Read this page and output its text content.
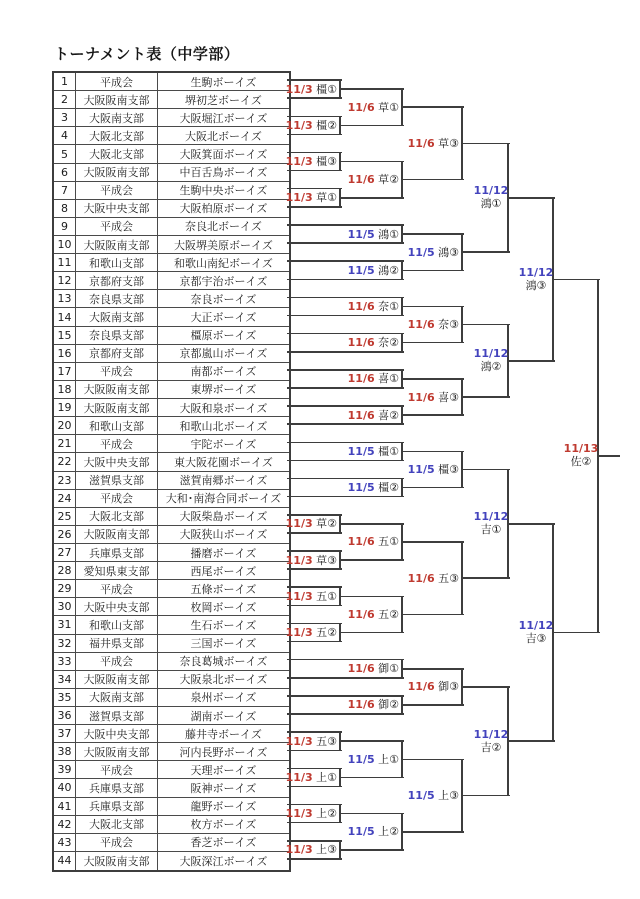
トーナメント表（中学部）
1	平成会	生駒ボーイズ
2	大阪阪南支部	堺初芝ボーイズ
3	大阪南支部	大阪堀江ボーイズ
4	大阪北支部	大阪北ボーイズ
5	大阪北支部	大阪箕面ボーイズ
6	大阪阪南支部	中百舌鳥ボーイズ
7	平成会	生駒中央ボーイズ
8	大阪中央支部	大阪柏原ボーイズ
9	平成会	奈良北ボーイズ
10	大阪阪南支部	大阪堺美原ボーイズ
11	和歌山支部	和歌山南紀ボーイズ
12	京都府支部	京都宇治ボーイズ
13	奈良県支部	奈良ボーイズ
14	大阪南支部	大正ボーイズ
15	奈良県支部	橿原ボーイズ
16	京都府支部	京都嵐山ボーイズ
17	平成会	南都ボーイズ
18	大阪阪南支部	東堺ボーイズ
19	大阪阪南支部	大阪和泉ボーイズ
20	和歌山支部	和歌山北ボーイズ
21	平成会	宇陀ボーイズ
22	大阪中央支部	東大阪花園ボーイズ
23	滋賀県支部	滋賀南郷ボーイズ
24	平成会	大和･南海合同ボーイズ
25	大阪北支部	大阪柴島ボーイズ
26	大阪阪南支部	大阪狭山ボーイズ
27	兵庫県支部	播磨ボーイズ
28	愛知県東支部	西尾ボーイズ
29	平成会	五條ボーイズ
30	大阪中央支部	枚岡ボーイズ
31	和歌山支部	生石ボーイズ
32	福井県支部	三国ボーイズ
33	平成会	奈良葛城ボーイズ
34	大阪阪南支部	大阪泉北ボーイズ
35	大阪南支部	泉州ボーイズ
36	滋賀県支部	湖南ボーイズ
37	大阪中央支部	藤井寺ボーイズ
38	大阪阪南支部	河内長野ボーイズ
39	平成会	天理ボーイズ
40	兵庫県支部	阪神ボーイズ
41	兵庫県支部	龍野ボーイズ
42	大阪北支部	枚方ボーイズ
43	平成会	香芝ボーイズ
44	大阪阪南支部	大阪深江ボーイズ
11/3 橿①
11/3 橿②
11/3 橿③
11/3 草①
11/3 草②
11/3 草③
11/3 五①
11/3 五②
11/3 五③
11/3 上①
11/3 上②
11/3 上③
11/6 草①
11/6 草②
11/5 鴻①
11/5 鴻②
11/6 奈①
11/6 奈②
11/6 喜①
11/6 喜②
11/5 橿①
11/5 橿②
11/6 五①
11/6 五②
11/6 御①
11/6 御②
11/5 上①
11/5 上②
11/6 草③
11/5 鴻③
11/6 奈③
11/6 喜③
11/5 橿③
11/6 五③
11/6 御③
11/5 上③
11/12
鴻①
11/12
鴻②
11/12
吉①
11/12
吉②
11/12
鴻③
11/12
吉③
11/13
佐②
